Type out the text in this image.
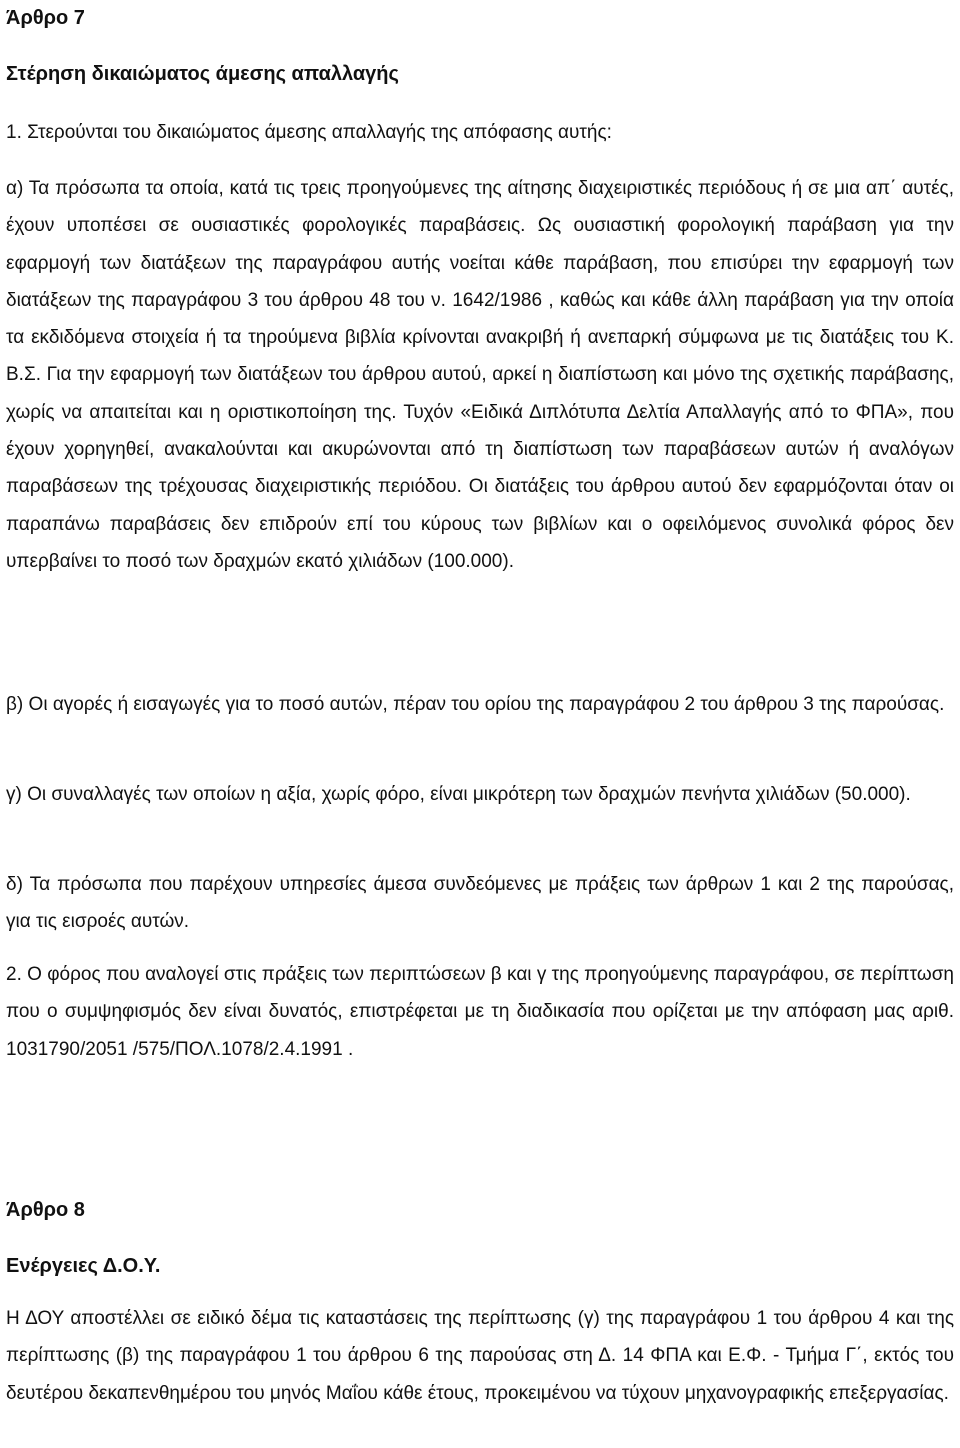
Άρθρο 7
Στέρηση δικαιώματος άμεσης απαλλαγής

1. Στερούνται του δικαιώματος άμεσης απαλλαγής της απόφασης αυτής:

α) Τα πρόσωπα τα οποία, κατά τις τρεις προηγούμενες της αίτησης διαχειριστικές περιόδους ή σε μια απ΄ αυτές, έχουν υποπέσει σε ουσιαστικές φορολογικές παραβάσεις. Ως ουσιαστική φορολογική παράβαση για την εφαρμογή των διατάξεων της παραγράφου αυτής νοείται κάθε παράβαση, που επισύρει την εφαρμογή των διατάξεων της παραγράφου 3 του άρθρου 48 του ν. 1642/1986 , καθώς και κάθε άλλη παράβαση για την οποία τα εκδιδόμενα στοιχεία ή τα τηρούμενα βιβλία κρίνονται ανακριβή ή ανεπαρκή σύμφωνα με τις διατάξεις του Κ. Β.Σ. Για την εφαρμογή των διατάξεων του άρθρου αυτού, αρκεί η διαπίστωση και μόνο της σχετικής παράβασης, χωρίς να απαιτείται και η οριστικοποίηση της. Τυχόν «Ειδικά Διπλότυπα Δελτία Απαλλαγής από το ΦΠΑ», που έχουν χορηγηθεί, ανακαλούνται και ακυρώνονται από τη διαπίστωση των παραβάσεων αυτών ή αναλόγων παραβάσεων της τρέχουσας διαχειριστικής περιόδου. Οι διατάξεις του άρθρου αυτού δεν εφαρμόζονται όταν οι παραπάνω παραβάσεις δεν επιδρούν επί του κύρους των βιβλίων και ο οφειλόμενος συνολικά φόρος δεν υπερβαίνει το ποσό των δραχμών εκατό χιλιάδων (100.000).

β) Οι αγορές ή εισαγωγές για το ποσό αυτών, πέραν του ορίου της παραγράφου 2 του άρθρου 3 της παρούσας.

γ) Οι συναλλαγές των οποίων η αξία, χωρίς φόρο, είναι μικρότερη των δραχμών πενήντα χιλιάδων (50.000).

δ) Τα πρόσωπα που παρέχουν υπηρεσίες άμεσα συνδεόμενες με πράξεις των άρθρων 1 και 2 της παρούσας, για τις εισροές αυτών.

2. Ο φόρος που αναλογεί στις πράξεις των περιπτώσεων β και γ της προηγούμενης παραγράφου, σε περίπτωση που ο συμψηφισμός δεν είναι δυνατός, επιστρέφεται με τη διαδικασία που ορίζεται με την απόφαση μας αριθ. 1031790/2051 /575/ΠΟΛ.1078/2.4.1991 .

Άρθρο 8
Ενέργειες Δ.Ο.Υ.

Η ΔΟΥ αποστέλλει σε ειδικό δέμα τις καταστάσεις της περίπτωσης (γ) της παραγράφου 1 του άρθρου 4 και της περίπτωσης (β) της παραγράφου 1 του άρθρου 6 της παρούσας στη Δ. 14 ΦΠΑ και Ε.Φ. - Τμήμα Γ΄, εκτός του δευτέρου δεκαπενθημέρου του μηνός Μαΐου κάθε έτους, προκειμένου να τύχουν μηχανογραφικής επεξεργασίας.
